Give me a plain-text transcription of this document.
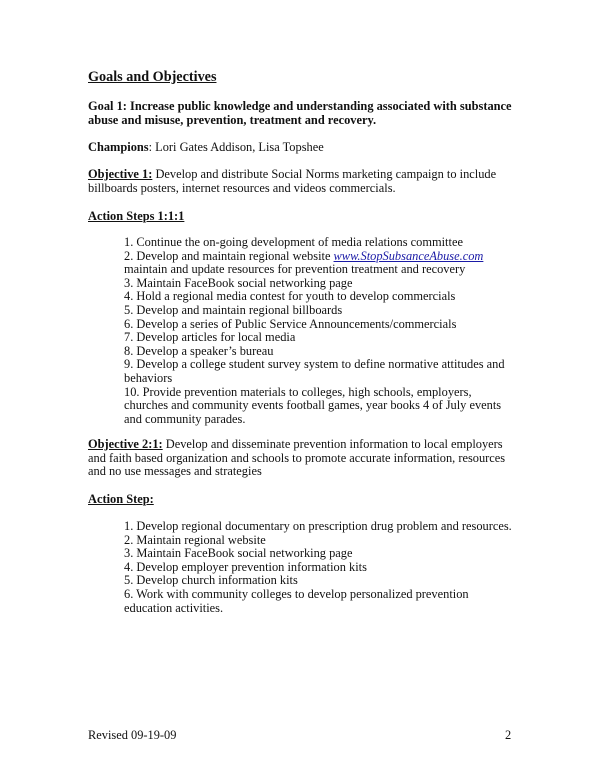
Goals and Objectives

Goal 1: Increase public knowledge and understanding associated with substance abuse and misuse, prevention, treatment and recovery.

Champions: Lori Gates Addison, Lisa Topshee

Objective 1: Develop and distribute Social Norms marketing campaign to include billboards posters, internet resources and videos commercials.

Action Steps 1:1:1

1. Continue the on-going development of media relations committee
2. Develop and maintain regional website www.StopSubsanceAbuse.com
maintain and update resources for prevention treatment and recovery
3. Maintain FaceBook social networking page
4. Hold a regional media contest for youth to develop commercials
5. Develop and maintain regional billboards
6. Develop a series of Public Service Announcements/commercials
7. Develop articles for local media
8. Develop a speaker’s bureau
9. Develop a college student survey system to define normative attitudes and behaviors
10. Provide prevention materials to colleges, high schools, employers, churches and community events football games, year books 4 of July events and community parades.

Objective 2:1: Develop and disseminate prevention information to local employers and faith based organization and schools to promote accurate information, resources and no use messages and strategies

Action Step:

1. Develop regional documentary on prescription drug problem and resources.
2. Maintain regional website
3. Maintain FaceBook social networking page
4. Develop employer prevention information kits
5. Develop church information kits
6. Work with community colleges to develop personalized prevention education activities.
Revised 09-19-09	2
